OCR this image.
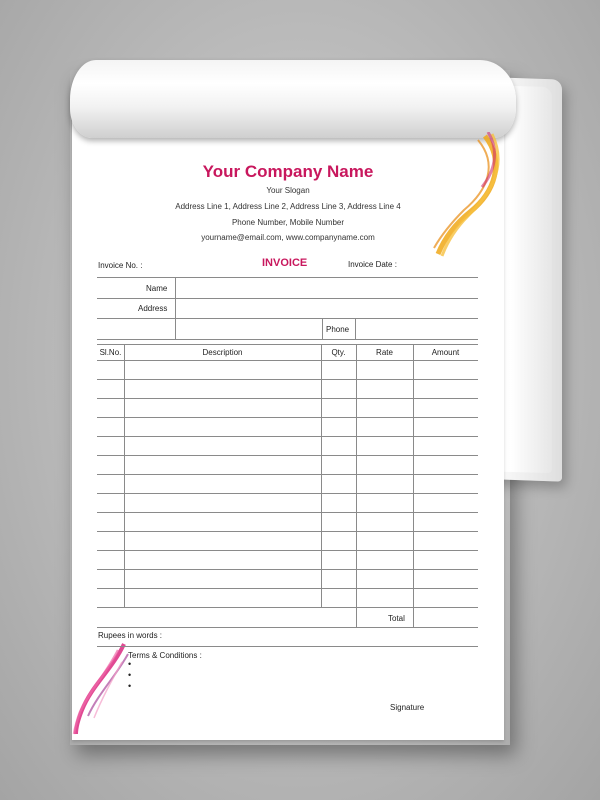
Your Company Name
Your Slogan
Address Line 1, Address Line 2, Address Line 3, Address Line 4
Phone Number, Mobile Number
yourname@email.com, www.companyname.com
Invoice No. :	INVOICE	Invoice Date :
Name
Address
Phone
Sl.No.	Description	Qty.	Rate	Amount
Total
Rupees in words :
Terms & Conditions :
•
•
•
Signature
